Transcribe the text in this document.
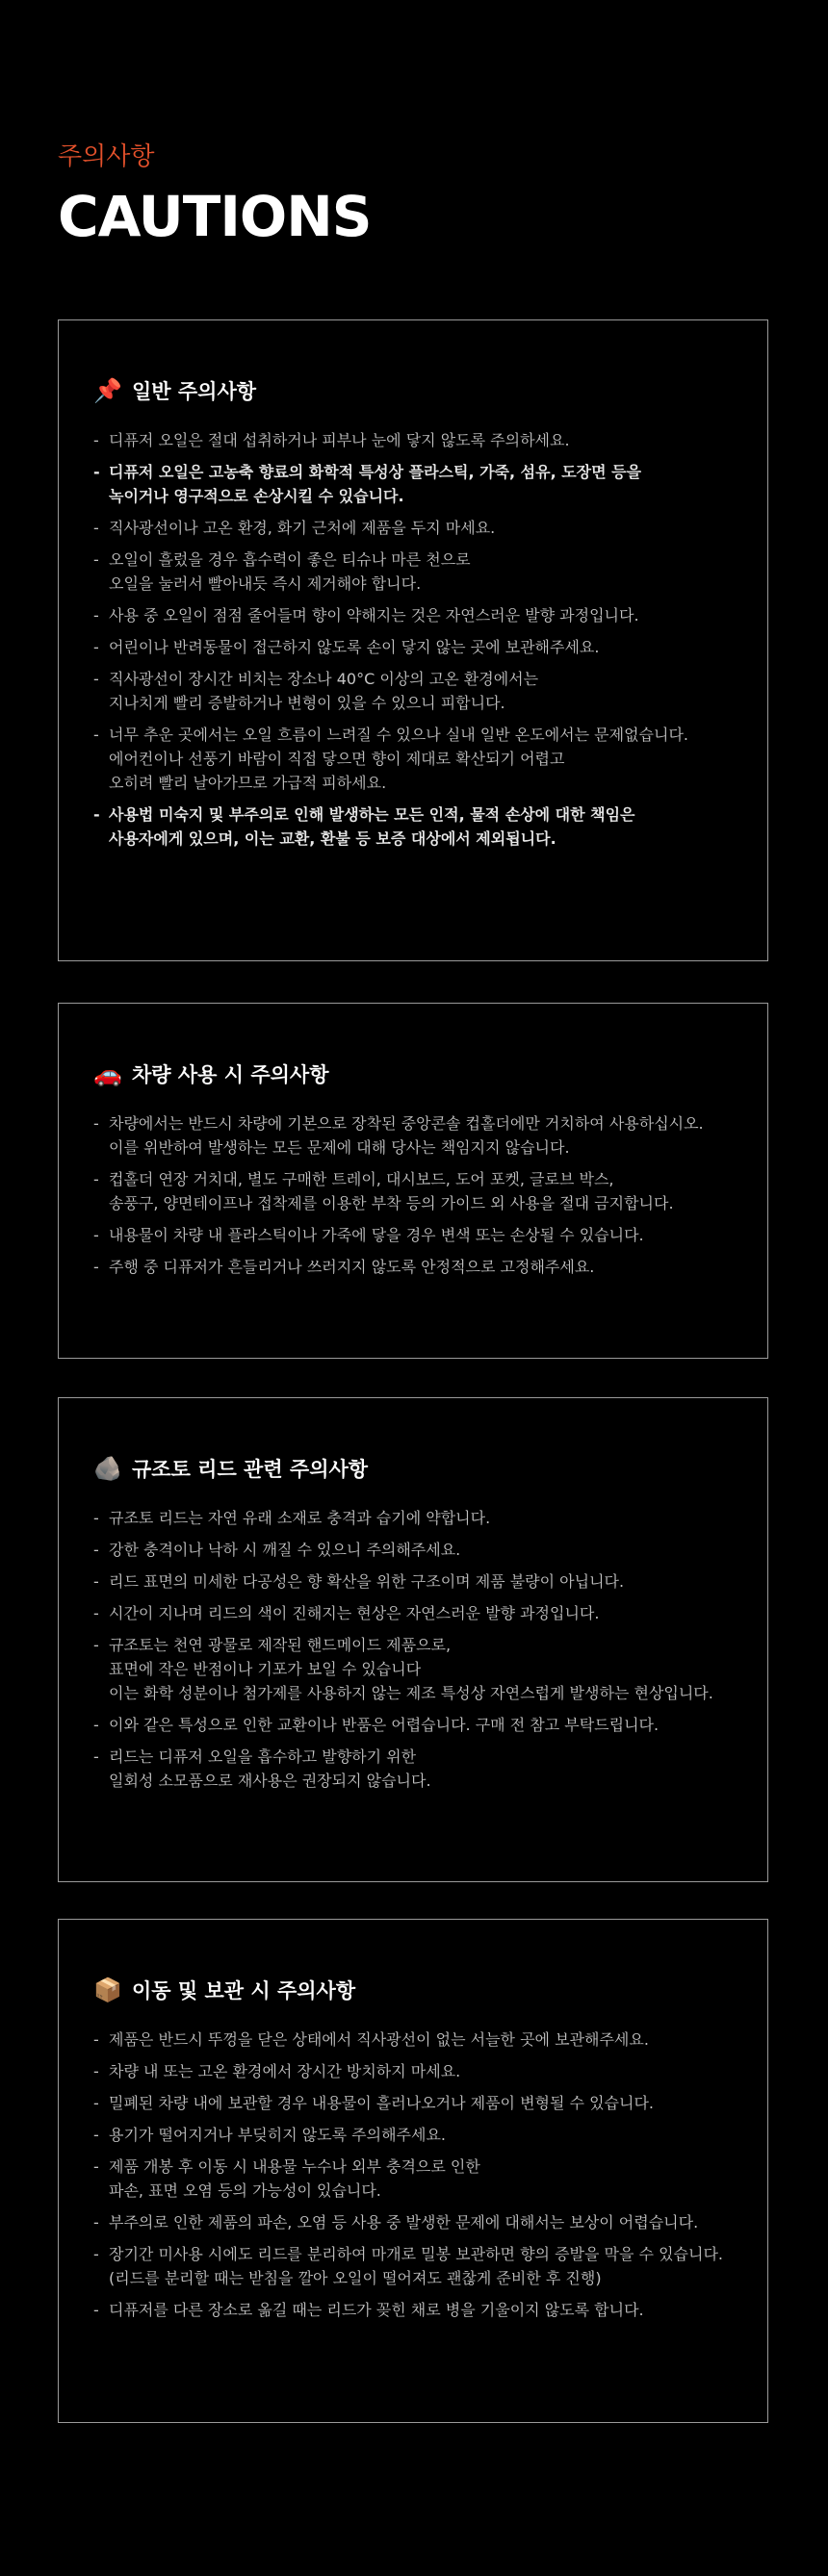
주의사항
CAUTIONS
📌 일반 주의사항
- 디퓨저 오일은 절대 섭취하거나 피부나 눈에 닿지 않도록 주의하세요.
- 디퓨저 오일은 고농축 향료의 화학적 특성상 플라스틱, 가죽, 섬유, 도장면 등을
녹이거나 영구적으로 손상시킬 수 있습니다.
- 직사광선이나 고온 환경, 화기 근처에 제품을 두지 마세요.
- 오일이 흘렀을 경우 흡수력이 좋은 티슈나 마른 천으로
오일을 눌러서 빨아내듯 즉시 제거해야 합니다.
- 사용 중 오일이 점점 줄어들며 향이 약해지는 것은 자연스러운 발향 과정입니다.
- 어린이나 반려동물이 접근하지 않도록 손이 닿지 않는 곳에 보관해주세요.
- 직사광선이 장시간 비치는 장소나 40°C 이상의 고온 환경에서는
지나치게 빨리 증발하거나 변형이 있을 수 있으니 피합니다.
- 너무 추운 곳에서는 오일 흐름이 느려질 수 있으나 실내 일반 온도에서는 문제없습니다.
에어컨이나 선풍기 바람이 직접 닿으면 향이 제대로 확산되기 어렵고
오히려 빨리 날아가므로 가급적 피하세요.
- 사용법 미숙지 및 부주의로 인해 발생하는 모든 인적, 물적 손상에 대한 책임은
사용자에게 있으며, 이는 교환, 환불 등 보증 대상에서 제외됩니다.
🚗 차량 사용 시 주의사항
- 차량에서는 반드시 차량에 기본으로 장착된 중앙콘솔 컵홀더에만 거치하여 사용하십시오.
이를 위반하여 발생하는 모든 문제에 대해 당사는 책임지지 않습니다.
- 컵홀더 연장 거치대, 별도 구매한 트레이, 대시보드, 도어 포켓, 글로브 박스,
송풍구, 양면테이프나 접착제를 이용한 부착 등의 가이드 외 사용을 절대 금지합니다.
- 내용물이 차량 내 플라스틱이나 가죽에 닿을 경우 변색 또는 손상될 수 있습니다.
- 주행 중 디퓨저가 흔들리거나 쓰러지지 않도록 안정적으로 고정해주세요.
🪨 규조토 리드 관련 주의사항
- 규조토 리드는 자연 유래 소재로 충격과 습기에 약합니다.
- 강한 충격이나 낙하 시 깨질 수 있으니 주의해주세요.
- 리드 표면의 미세한 다공성은 향 확산을 위한 구조이며 제품 불량이 아닙니다.
- 시간이 지나며 리드의 색이 진해지는 현상은 자연스러운 발향 과정입니다.
- 규조토는 천연 광물로 제작된 핸드메이드 제품으로,
표면에 작은 반점이나 기포가 보일 수 있습니다
이는 화학 성분이나 첨가제를 사용하지 않는 제조 특성상 자연스럽게 발생하는 현상입니다.
- 이와 같은 특성으로 인한 교환이나 반품은 어렵습니다. 구매 전 참고 부탁드립니다.
- 리드는 디퓨저 오일을 흡수하고 발향하기 위한
일회성 소모품으로 재사용은 권장되지 않습니다.
📦 이동 및 보관 시 주의사항
- 제품은 반드시 뚜껑을 닫은 상태에서 직사광선이 없는 서늘한 곳에 보관해주세요.
- 차량 내 또는 고온 환경에서 장시간 방치하지 마세요.
- 밀폐된 차량 내에 보관할 경우 내용물이 흘러나오거나 제품이 변형될 수 있습니다.
- 용기가 떨어지거나 부딪히지 않도록 주의해주세요.
- 제품 개봉 후 이동 시 내용물 누수나 외부 충격으로 인한
파손, 표면 오염 등의 가능성이 있습니다.
- 부주의로 인한 제품의 파손, 오염 등 사용 중 발생한 문제에 대해서는 보상이 어렵습니다.
- 장기간 미사용 시에도 리드를 분리하여 마개로 밀봉 보관하면 향의 증발을 막을 수 있습니다.
(리드를 분리할 때는 받침을 깔아 오일이 떨어져도 괜찮게 준비한 후 진행)
- 디퓨저를 다른 장소로 옮길 때는 리드가 꽂힌 채로 병을 기울이지 않도록 합니다.
